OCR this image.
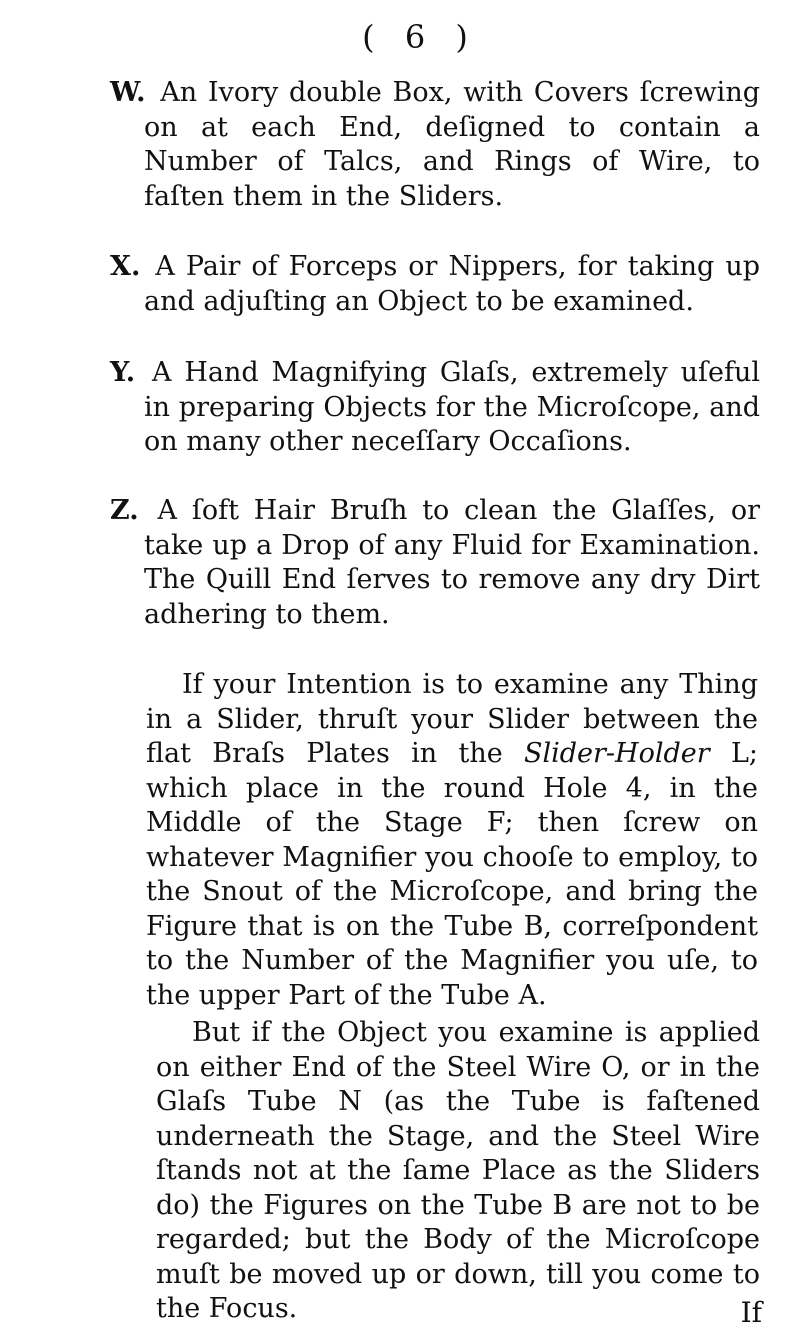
( 6 )
W. An Ivory double Box, with Covers ſcrewing on at each End, deſigned to contain a Number of Talcs, and Rings of Wire, to faſten them in the Sliders.
X. A Pair of Forceps or Nippers, for taking up and adjuſting an Object to be examined.
Y. A Hand Magnifying Glaſs, extremely uſeful in preparing Objects for the Microſcope, and on many other neceſſary Occaſions.
Z. A ſoft Hair Bruſh to clean the Glaſſes, or take up a Drop of any Fluid for Examination. The Quill End ſerves to remove any dry Dirt adhering to them.
If your Intention is to examine any Thing in a Slider, thruſt your Slider between the flat Braſs Plates in the Slider-Holder L; which place in the round Hole 4, in the Middle of the Stage F; then ſcrew on whatever Magnifier you chooſe to employ, to the Snout of the Microſcope, and bring the Figure that is on the Tube B, correſpondent to the Number of the Magnifier you uſe, to the upper Part of the Tube A.
But if the Object you examine is applied on either End of the Steel Wire O, or in the Glaſs Tube N (as the Tube is faſtened underneath the Stage, and the Steel Wire ſtands not at the ſame Place as the Sliders do) the Figures on the Tube B are not to be regarded; but the Body of the Microſcope muſt be moved up or down, till you come to the Focus.	If
